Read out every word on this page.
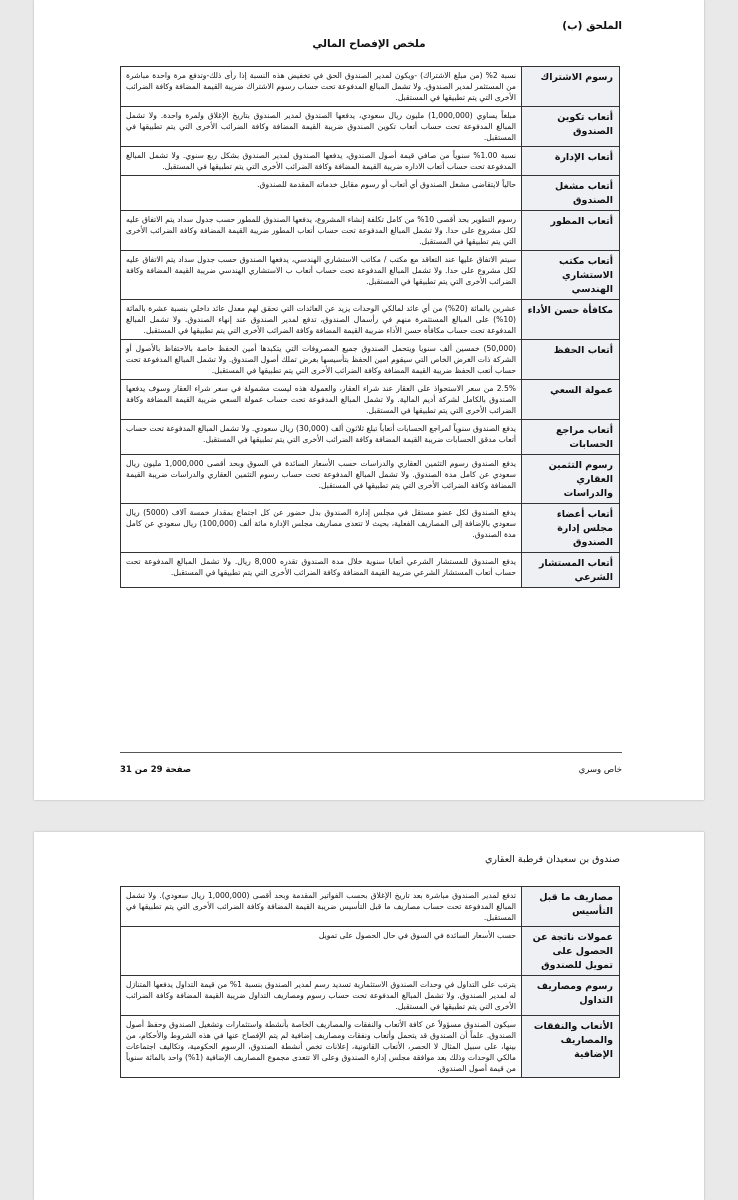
الملحق (ب)
ملخص الإفصاح المالي
رسوم الاشتراك	نسبة 2% (من مبلغ الاشتراك) -ويكون لمدير الصندوق الحق في تخفيض هذه النسبة إذا رأى ذلك-وتدفع مرة واحدة مباشرة من المستثمر لمدير الصندوق. ولا تشمل المبالغ المدفوعة تحت حساب رسوم الاشتراك ضريبة القيمة المضافة وكافة الضرائب الأخرى التي يتم تطبيقها في المستقبل.
أتعاب تكوين الصندوق	مبلغاً يساوي (1,000,000) مليون ريال سعودي، يدفعها الصندوق لمدير الصندوق بتاريخ الإغلاق ولمرة واحدة. ولا تشمل المبالغ المدفوعة تحت حساب أتعاب تكوين الصندوق ضريبة القيمة المضافة وكافة الضرائب الأخرى التي يتم تطبيقها في المستقبل.
أتعاب الإدارة	نسبة 1.00% سنوياً من صافي قيمة أصول الصندوق، يدفعها الصندوق لمدير الصندوق بشكل ربع سنوي. ولا تشمل المبالغ المدفوعة تحت حساب أتعاب الاداره ضريبة القيمة المضافة وكافة الضرائب الأخرى التي يتم تطبيقها في المستقبل.
أتعاب مشغل الصندوق	حالياً لايتقاضى مشغل الصندوق أي أتعاب أو رسوم مقابل خدماته المقدمة للصندوق.
أتعاب المطور	رسوم التطوير بحد أقصى 10% من كامل تكلفة إنشاء المشروع، يدفعها الصندوق للمطور حسب جدول سداد يتم الاتفاق عليه لكل مشروع على حدا. ولا تشمل المبالغ المدفوعة تحت حساب أتعاب المطور ضريبة القيمة المضافة وكافة الضرائب الأخرى التي يتم تطبيقها في المستقبل.
أتعاب مكتب الاستشاري الهندسي	سيتم الاتفاق عليها عند التعاقد مع مكتب / مكاتب الاستشاري الهندسي، يدفعها الصندوق حسب جدول سداد يتم الاتفاق عليه لكل مشروع على حدا. ولا تشمل المبالغ المدفوعة تحت حساب أتعاب ب الاستشاري الهندسي ضريبة القيمة المضافة وكافة الضرائب الأخرى التي يتم تطبيقها في المستقبل.
مكافأة حسن الأداء	عشرين بالمائة (20%) من أي عائد لمالكي الوحدات يزيد عن العائدات التي تحقق لهم معدل عائد داخلي بنسبة عشرة بالمائة (10%) على المبالغ المستثمرة منهم في رأسمال الصندوق، تدفع لمدير الصندوق عند إنهاء الصندوق. ولا تشمل المبالغ المدفوعة تحت حساب مكافأة حسن الأداء ضريبة القيمة المضافة وكافة الضرائب الأخرى التي يتم تطبيقها في المستقبل.
أتعاب الحفظ	(50,000) خمسين ألف سنويا ويتحمل الصندوق جميع المصروفات التي يتكبدها أمين الحفظ خاصة بالاحتفاظ بالأصول أو الشركة ذات الغرض الخاص التي سيقوم امين الحفظ بتأسيسها بغرض تملك أصول الصندوق. ولا تشمل المبالغ المدفوعة تحت حساب أتعب الحفظ ضريبة القيمة المضافة وكافة الضرائب الأخرى التي يتم تطبيقها في المستقبل.
عمولة السعي	2.5% من سعر الاستحواذ على العقار عند شراء العقار، والعمولة هذه ليست مشمولة في سعر شراء العقار وسوف يدفعها الصندوق بالكامل لشركة أديم المالية. ولا تشمل المبالغ المدفوعة تحت حساب عمولة السعي ضريبة القيمة المضافة وكافة الضرائب الأخرى التي يتم تطبيقها في المستقبل.
أتعاب مراجع الحسابات	يدفع الصندوق سنوياً لمراجع الحسابات أتعاباً تبلغ ثلاثون ألف (30,000) ريال سعودي. ولا تشمل المبالغ المدفوعة تحت حساب أتعاب مدقق الحسابات ضريبة القيمة المضافة وكافة الضرائب الأخرى التي يتم تطبيقها في المستقبل.
رسوم التثمين العقاري والدراسات	يدفع الصندوق رسوم التثمين العقاري والدراسات حسب الأسعار السائدة في السوق وبحد أقصى 1,000,000 مليون ريال سعودي عن كامل مدة الصندوق. ولا تشمل المبالغ المدفوعة تحت حساب رسوم التثمين العقاري والدراسات ضريبة القيمة المضافة وكافة الضرائب الأخرى التي يتم تطبيقها في المستقبل.
أتعاب أعضاء مجلس إدارة الصندوق	يدفع الصندوق لكل عضو مستقل في مجلس إدارة الصندوق بدل حضور عن كل اجتماع بمقدار خمسة آلاف (5000) ريال سعودي بالإضافة إلى المصاريف الفعلية، بحيث لا تتعدى مصاريف مجلس الإدارة مائة ألف (100,000) ريال سعودي عن كامل مدة الصندوق.
أتعاب المستشار الشرعي	يدفع الصندوق للمستشار الشرعي أتعابا سنوية خلال مدة الصندوق تقدره 8,000 ريال. ولا تشمل المبالغ المدفوعة تحت حساب أتعاب المستشار الشرعي ضريبة القيمة المضافة وكافة الضرائب الأخرى التي يتم تطبيقها في المستقبل.
خاص وسري
صفحة 29 من 31
صندوق بن سعيدان قرطبة العقاري
مصاريف ما قبل التأسيس	تدفع لمدير الصندوق مباشرة بعد تاريخ الإغلاق بحسب الفواتير المقدمة وبحد أقصى (1,000,000 ريال سعودي). ولا تشمل المبالغ المدفوعة تحت حساب مصاريف ما قبل التأسيس ضريبة القيمة المضافة وكافة الضرائب الأخرى التي يتم تطبيقها في المستقبل.
عمولات ناتجة عن الحصول على تمويل للصندوق	حسب الأسعار السائدة في السوق في حال الحصول على تمويل
رسوم ومصاريف التداول	يترتب على التداول في وحدات الصندوق الاستثمارية تسديد رسم لمدير الصندوق بنسبة 1% من قيمة التداول يدفعها المتنازل له لمدير الصندوق. ولا تشمل المبالغ المدفوعة تحت حساب رسوم ومصاريف التداول ضريبة القيمة المضافة وكافة الضرائب الأخرى التي يتم تطبيقها في المستقبل.
الأتعاب والنفقات والمصاريف الإضافية	سيكون الصندوق مسؤولاً عن كافة الأتعاب والنفقات والمصاريف الخاصة بأنشطة واستثمارات وتشغيل الصندوق وحفظ أصول الصندوق. علماً أن الصندوق قد يتحمل وأتعاب ونفقات ومصاريف إضافية لم يتم الإفصاح عنها في هذه الشروط والأحكام، من بينها، على سبيل المثال لا الحصر، الأتعاب القانونية، إعلانات تخص أنشطة الصندوق، الرسوم الحكومية، وتكاليف اجتماعات مالكي الوحدات وذلك بعد موافقة مجلس إدارة الصندوق وعلى الا تتعدى مجموع المصاريف الإضافية (1%) واحد بالمائة سنوياً من قيمة أصول الصندوق.
